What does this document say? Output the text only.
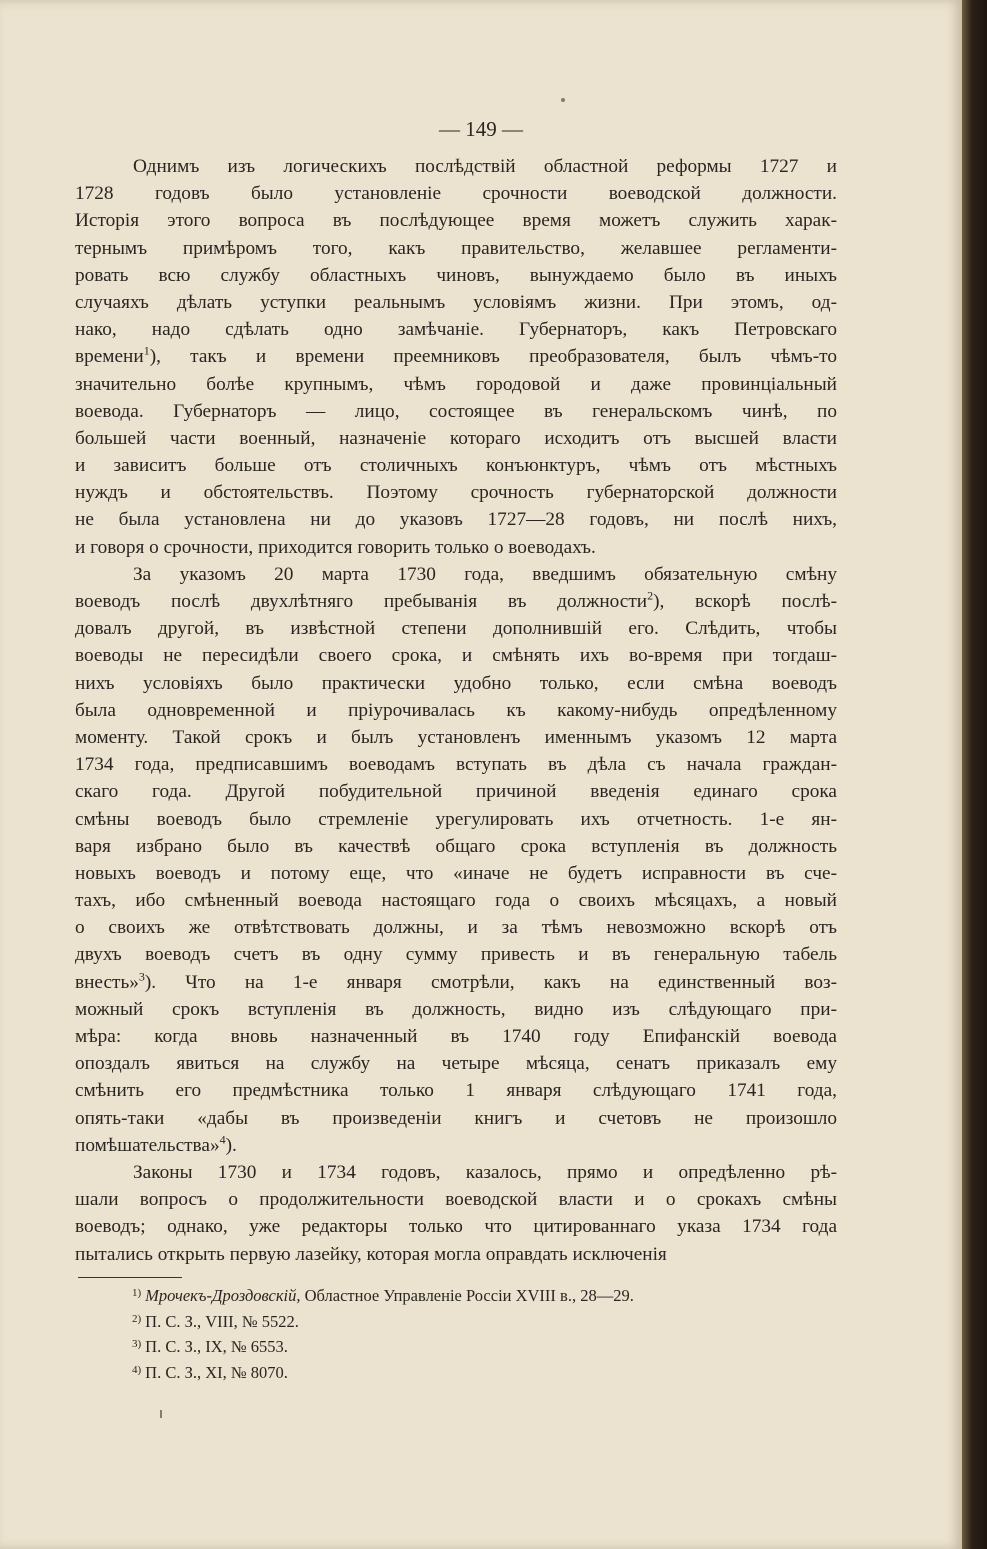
— 149 —
Однимъ изъ логическихъ послѣдствій областной реформы 1727 и
1728 годовъ было установленіе срочности воеводской должности.
Исторія этого вопроса въ послѣдующее время можетъ служить харак-
тернымъ примѣромъ того, какъ правительство, желавшее регламенти-
ровать всю службу областныхъ чиновъ, вынуждаемо было въ иныхъ
случаяхъ дѣлать уступки реальнымъ условіямъ жизни. При этомъ, од-
нако, надо сдѣлать одно замѣчаніе. Губернаторъ, какъ Петровскаго
времени$^1$), такъ и времени преемниковъ преобразователя, былъ чѣмъ-то
значительно болѣе крупнымъ, чѣмъ городовой и даже провинціальный
воевода. Губернаторъ — лицо, состоящее въ генеральскомъ чинѣ, по
большей части военный, назначеніе котораго исходитъ отъ высшей власти
и зависитъ больше отъ столичныхъ конъюнктуръ, чѣмъ отъ мѣстныхъ
нуждъ и обстоятельствъ. Поэтому срочность губернаторской должности
не была установлена ни до указовъ 1727—28 годовъ, ни послѣ нихъ,
и говоря о срочности, приходится говорить только о воеводахъ.
За указомъ 20 марта 1730 года, введшимъ обязательную смѣну
воеводъ послѣ двухлѣтняго пребыванія въ должности$^2$), вскорѣ послѣ-
довалъ другой, въ извѣстной степени дополнившій его. Слѣдить, чтобы
воеводы не пересидѣли своего срока, и смѣнять ихъ во-время при тогдаш-
нихъ условіяхъ было практически удобно только, если смѣна воеводъ
была одновременной и пріурочивалась къ какому-нибудь опредѣленному
моменту. Такой срокъ и былъ установленъ именнымъ указомъ 12 марта
1734 года, предписавшимъ воеводамъ вступать въ дѣла съ начала граждан-
скаго года. Другой побудительной причиной введенія единаго срока
смѣны воеводъ было стремленіе урегулировать ихъ отчетность. 1-е ян-
варя избрано было въ качествѣ общаго срока вступленія въ должность
новыхъ воеводъ и потому еще, что «иначе не будетъ исправности въ сче-
тахъ, ибо смѣненный воевода настоящаго года о своихъ мѣсяцахъ, а новый
о своихъ же отвѣтствовать должны, и за тѣмъ невозможно вскорѣ отъ
двухъ воеводъ счетъ въ одну сумму привесть и въ генеральную табель
внесть»$^3$). Что на 1-е января смотрѣли, какъ на единственный воз-
можный срокъ вступленія въ должность, видно изъ слѣдующаго при-
мѣра: когда вновь назначенный въ 1740 году Епифанскій воевода
опоздалъ явиться на службу на четыре мѣсяца, сенатъ приказалъ ему
смѣнить его предмѣстника только 1 января слѣдующаго 1741 года,
опять-таки «дабы въ произведеніи книгъ и счетовъ не произошло
помѣшательства»$^4$).
Законы 1730 и 1734 годовъ, казалось, прямо и опредѣленно рѣ-
шали вопросъ о продолжительности воеводской власти и о срокахъ смѣны
воеводъ; однако, уже редакторы только что цитированнаго указа 1734 года
пытались открыть первую лазейку, которая могла оправдать исключенія
$^{1)}$ Мрочекъ-Дроздовскій, Областное Управленіе Россіи XVIII в., 28—29.
$^{2)}$ П. С. З., VIII, № 5522.
$^{3)}$ П. С. З., IX, № 6553.
$^{4)}$ П. С. З., XI, № 8070.
